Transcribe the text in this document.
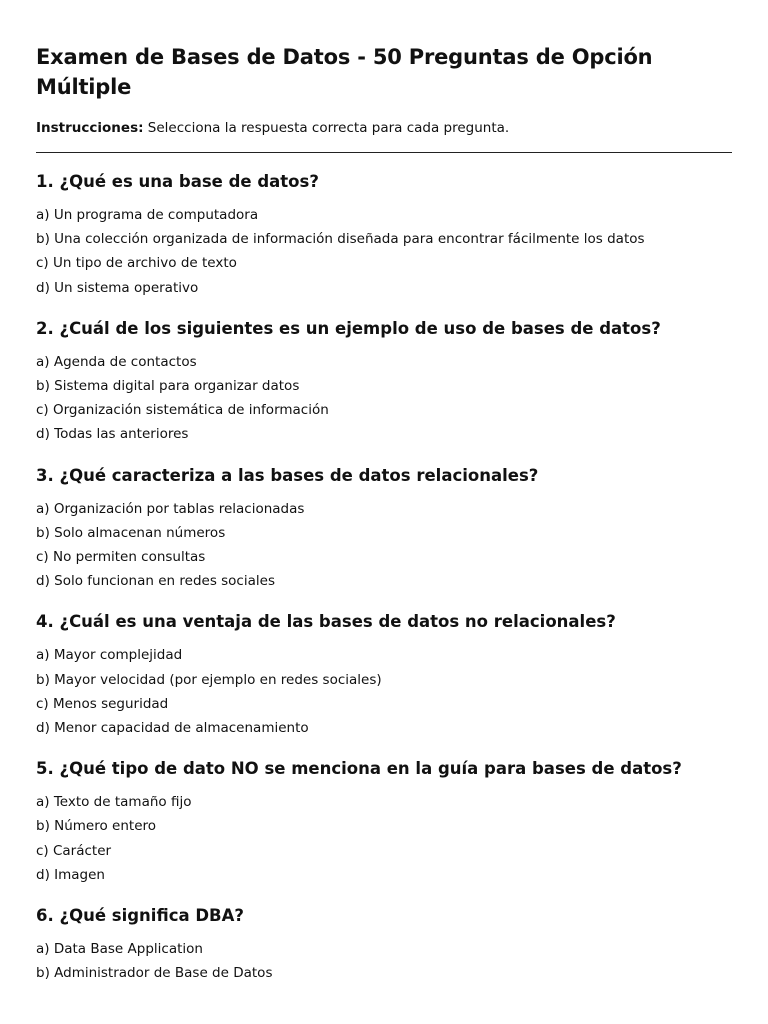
Examen de Bases de Datos - 50 Preguntas de Opción Múltiple
Instrucciones: Selecciona la respuesta correcta para cada pregunta.
1. ¿Qué es una base de datos?
a) Un programa de computadora
b) Una colección organizada de información diseñada para encontrar fácilmente los datos
c) Un tipo de archivo de texto
d) Un sistema operativo
2. ¿Cuál de los siguientes es un ejemplo de uso de bases de datos?
a) Agenda de contactos
b) Sistema digital para organizar datos
c) Organización sistemática de información
d) Todas las anteriores
3. ¿Qué caracteriza a las bases de datos relacionales?
a) Organización por tablas relacionadas
b) Solo almacenan números
c) No permiten consultas
d) Solo funcionan en redes sociales
4. ¿Cuál es una ventaja de las bases de datos no relacionales?
a) Mayor complejidad
b) Mayor velocidad (por ejemplo en redes sociales)
c) Menos seguridad
d) Menor capacidad de almacenamiento
5. ¿Qué tipo de dato NO se menciona en la guía para bases de datos?
a) Texto de tamaño fijo
b) Número entero
c) Carácter
d) Imagen
6. ¿Qué significa DBA?
a) Data Base Application
b) Administrador de Base de Datos
